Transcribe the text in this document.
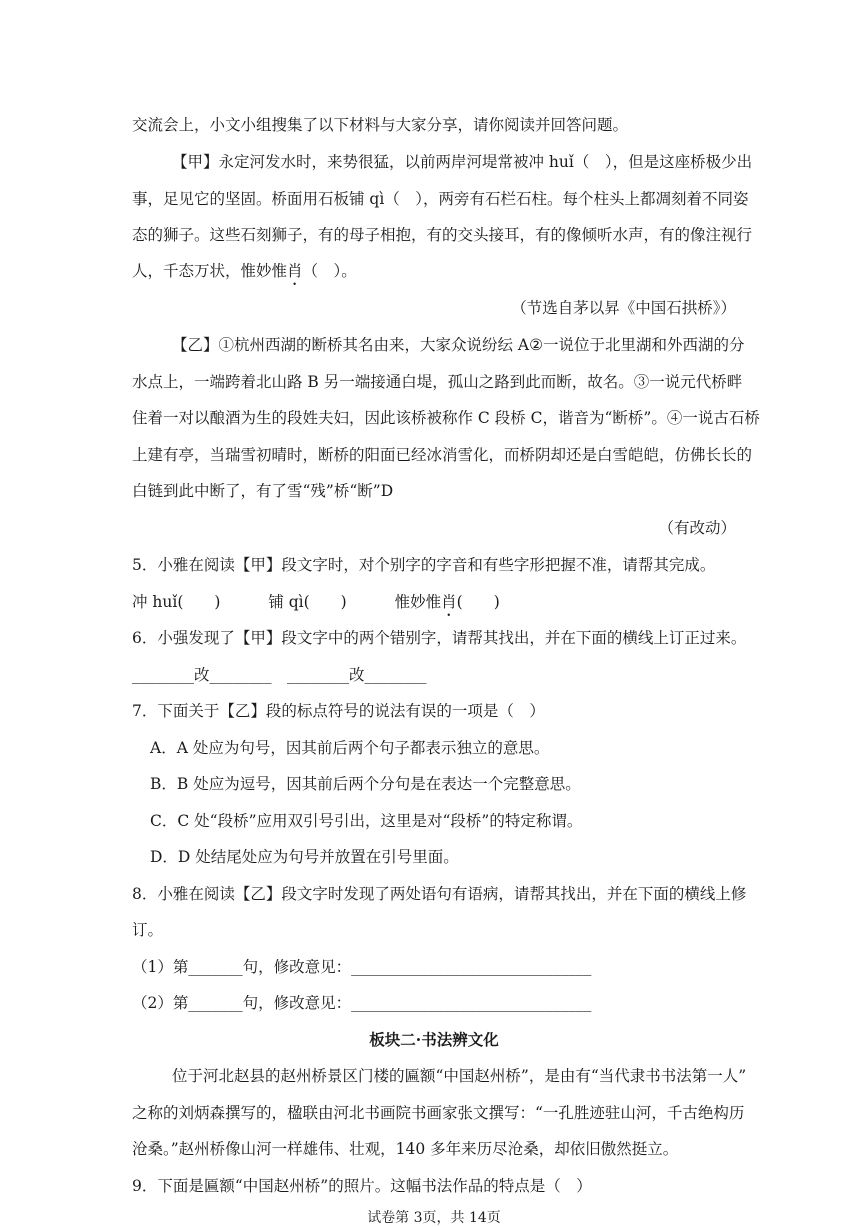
交流会上，小文小组搜集了以下材料与大家分享，请你阅读并回答问题。
【甲】永定河发水时，来势很猛，以前两岸河堤常被冲 huǐ（　），但是这座桥极少出
事，足见它的坚固。桥面用石板铺 qì（　），两旁有石栏石柱。每个柱头上都凋刻着不同姿
态的狮子。这些石刻狮子，有的母子相抱，有的交头接耳，有的像倾听水声，有的像注视行
人，千态万状，惟妙惟肖（　）。
（节选自茅以昇《中国石拱桥》）
【乙】①杭州西湖的断桥其名由来，大家众说纷纭 A②一说位于北里湖和外西湖的分
水点上，一端跨着北山路 B 另一端接通白堤，孤山之路到此而断，故名。③一说元代桥畔
住着一对以酿酒为生的段姓夫妇，因此该桥被称作 C 段桥 C，谐音为“断桥”。④一说古石桥
上建有亭，当瑞雪初晴时，断桥的阳面已经冰消雪化，而桥阴却还是白雪皑皑，仿佛长长的
白链到此中断了，有了雪“残”桥“断”D
（有改动）
5．小雅在阅读【甲】段文字时，对个别字的字音和有些字形把握不准，请帮其完成。
冲 huǐ(　　)	铺 qì(　　)	惟妙惟肖(　　)
6．小强发现了【甲】段文字中的两个错别字，请帮其找出，并在下面的横线上订正过来。
________改________　________改________
7．下面关于【乙】段的标点符号的说法有误的一项是（　）
A．A 处应为句号，因其前后两个句子都表示独立的意思。
B．B 处应为逗号，因其前后两个分句是在表达一个完整意思。
C．C 处“段桥”应用双引号引出，这里是对“段桥”的特定称谓。
D．D 处结尾处应为句号并放置在引号里面。
8．小雅在阅读【乙】段文字时发现了两处语句有语病，请帮其找出，并在下面的横线上修
订。
（1）第_______句，修改意见：_______________________________
（2）第_______句，修改意见：_______________________________
板块二·书法辨文化
位于河北赵县的赵州桥景区门楼的匾额“中国赵州桥”，是由有“当代隶书书法第一人”
之称的刘炳森撰写的，楹联由河北书画院书画家张文撰写：“一孔胜迹驻山河，千古绝构历
沧桑。”赵州桥像山河一样雄伟、壮观，140 多年来历尽沧桑，却依旧傲然挺立。
9．下面是匾额“中国赵州桥”的照片。这幅书法作品的特点是（　）
试卷第 3页，共 14页
